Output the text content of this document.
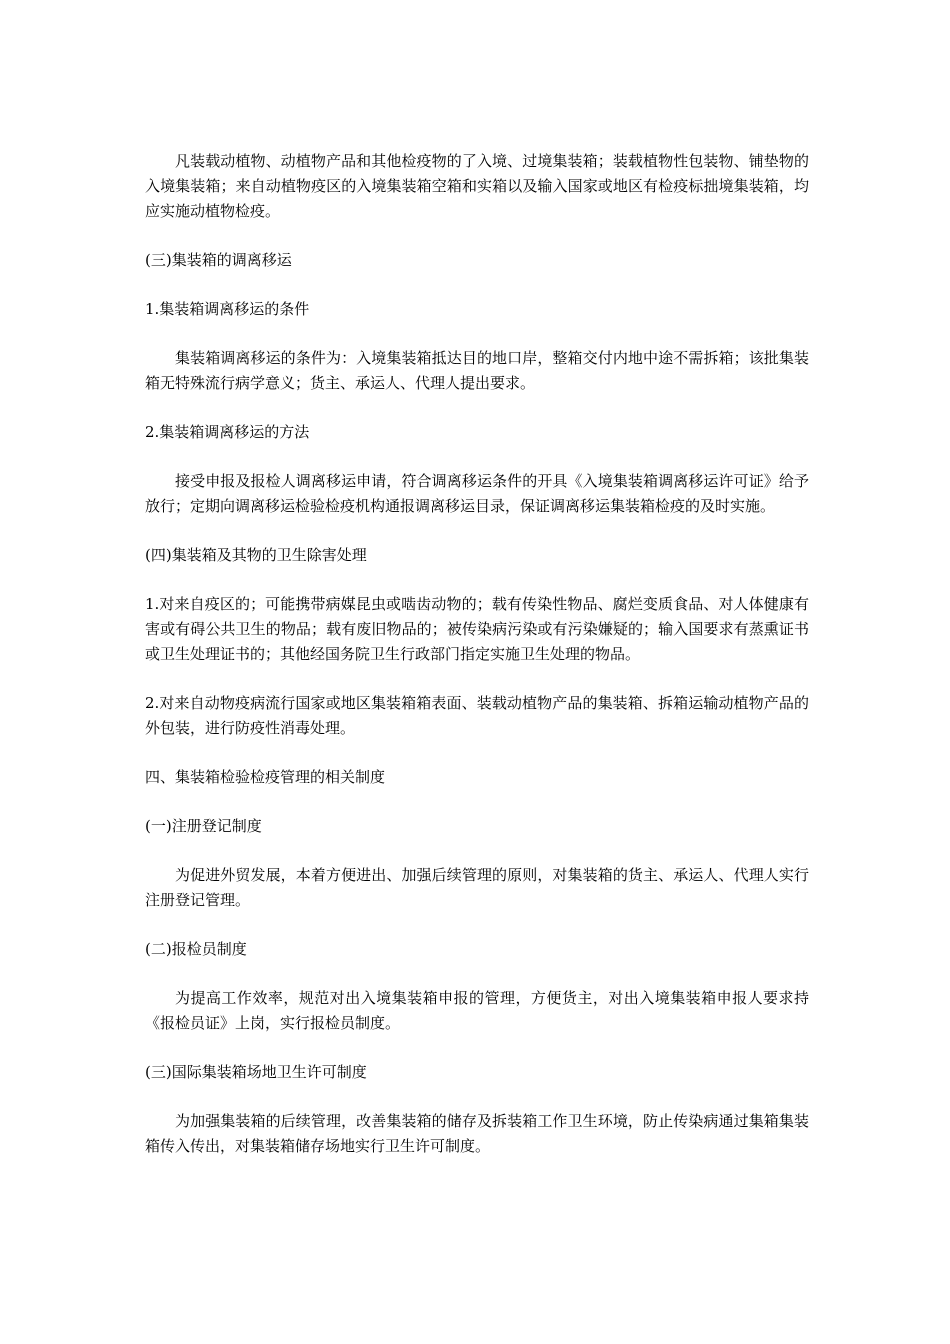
凡装载动植物、动植物产品和其他检疫物的了入境、过境集装箱；装载植物性包装物、铺垫物的入境集装箱；来自动植物疫区的入境集装箱空箱和实箱以及输入国家或地区有检疫标拙境集装箱，均应实施动植物检疫。

(三)集装箱的调离移运

1.集装箱调离移运的条件

集装箱调离移运的条件为：入境集装箱抵达目的地口岸，整箱交付内地中途不需拆箱；该批集装箱无特殊流行病学意义；货主、承运人、代理人提出要求。

2.集装箱调离移运的方法

接受申报及报检人调离移运申请，符合调离移运条件的开具《入境集装箱调离移运许可证》给予放行；定期向调离移运检验检疫机构通报调离移运目录，保证调离移运集装箱检疫的及时实施。

(四)集装箱及其物的卫生除害处理

1.对来自疫区的；可能携带病媒昆虫或啮齿动物的；载有传染性物品、腐烂变质食品、对人体健康有害或有碍公共卫生的物品；载有废旧物品的；被传染病污染或有污染嫌疑的；输入国要求有蒸熏证书或卫生处理证书的；其他经国务院卫生行政部门指定实施卫生处理的物品。

2.对来自动物疫病流行国家或地区集装箱箱表面、装载动植物产品的集装箱、拆箱运输动植物产品的外包装，进行防疫性消毒处理。

四、集装箱检验检疫管理的相关制度

(一)注册登记制度

为促进外贸发展，本着方便进出、加强后续管理的原则，对集装箱的货主、承运人、代理人实行注册登记管理。

(二)报检员制度

为提高工作效率，规范对出入境集装箱申报的管理，方便货主，对出入境集装箱申报人要求持《报检员证》上岗，实行报检员制度。

(三)国际集装箱场地卫生许可制度

为加强集装箱的后续管理，改善集装箱的储存及拆装箱工作卫生环境，防止传染病通过集箱集装箱传入传出，对集装箱储存场地实行卫生许可制度。
